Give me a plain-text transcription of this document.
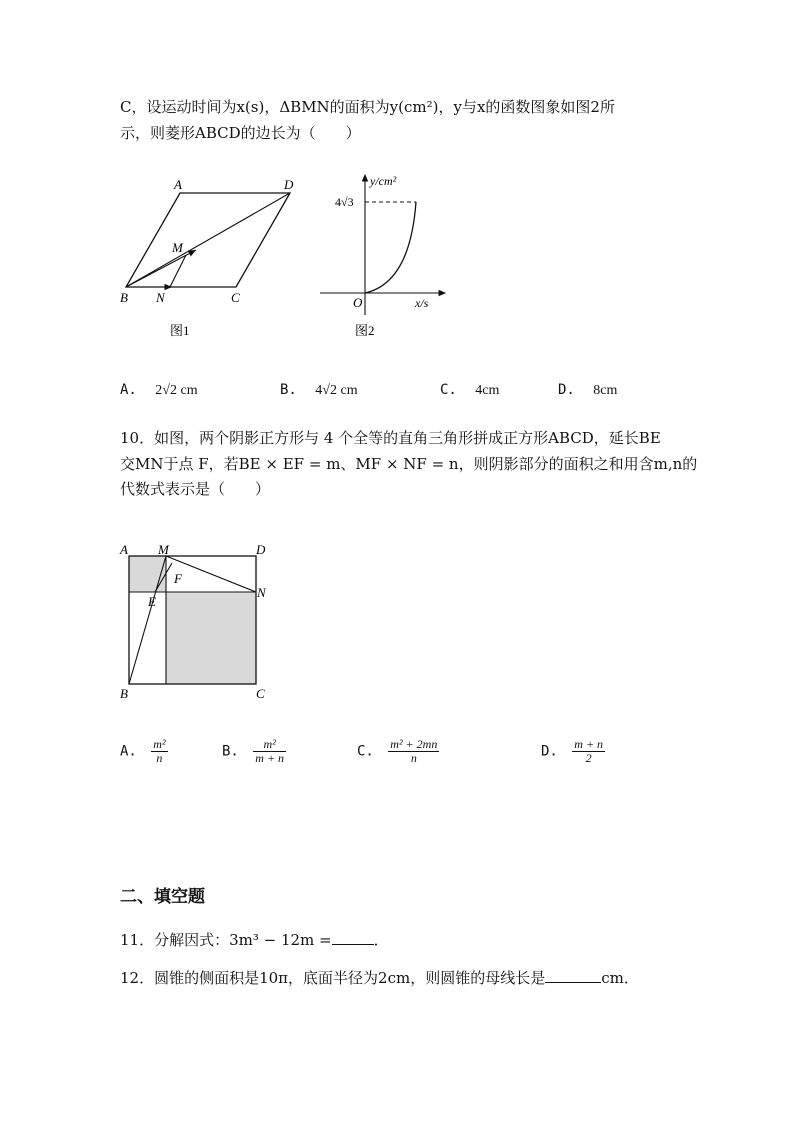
C，设运动时间为x(s)，ΔBMN的面积为y(cm²)，y与x的函数图象如图2所
示，则菱形ABCD的边长为（　　）
A	D
M
B N	C
图1
y/cm²
4√3
O	x/s
图2
A. 2√2 cm	B. 4√2 cm	C. 4cm	D. 8cm
10．如图，两个阴影正方形与 4 个全等的直角三角形拼成正方形ABCD，延长BE
交MN于点 F，若BE × EF = m、MF × NF = n，则阴影部分的面积之和用含m,n的
代数式表示是（　　）
A M	D
F
E
N
B	C
A. $\frac{\text{m²}}{n}$	B. $\frac{\text{m²}}{m + n}$	C. $\frac{\text{m² + 2mn}}{n}$	D. $\frac{m + n}{2}$
二、填空题
11．分解因式：3m³ − 12m =	．
12．圆锥的侧面积是10π，底面半径为2cm，则圆锥的母线长是	cm．
